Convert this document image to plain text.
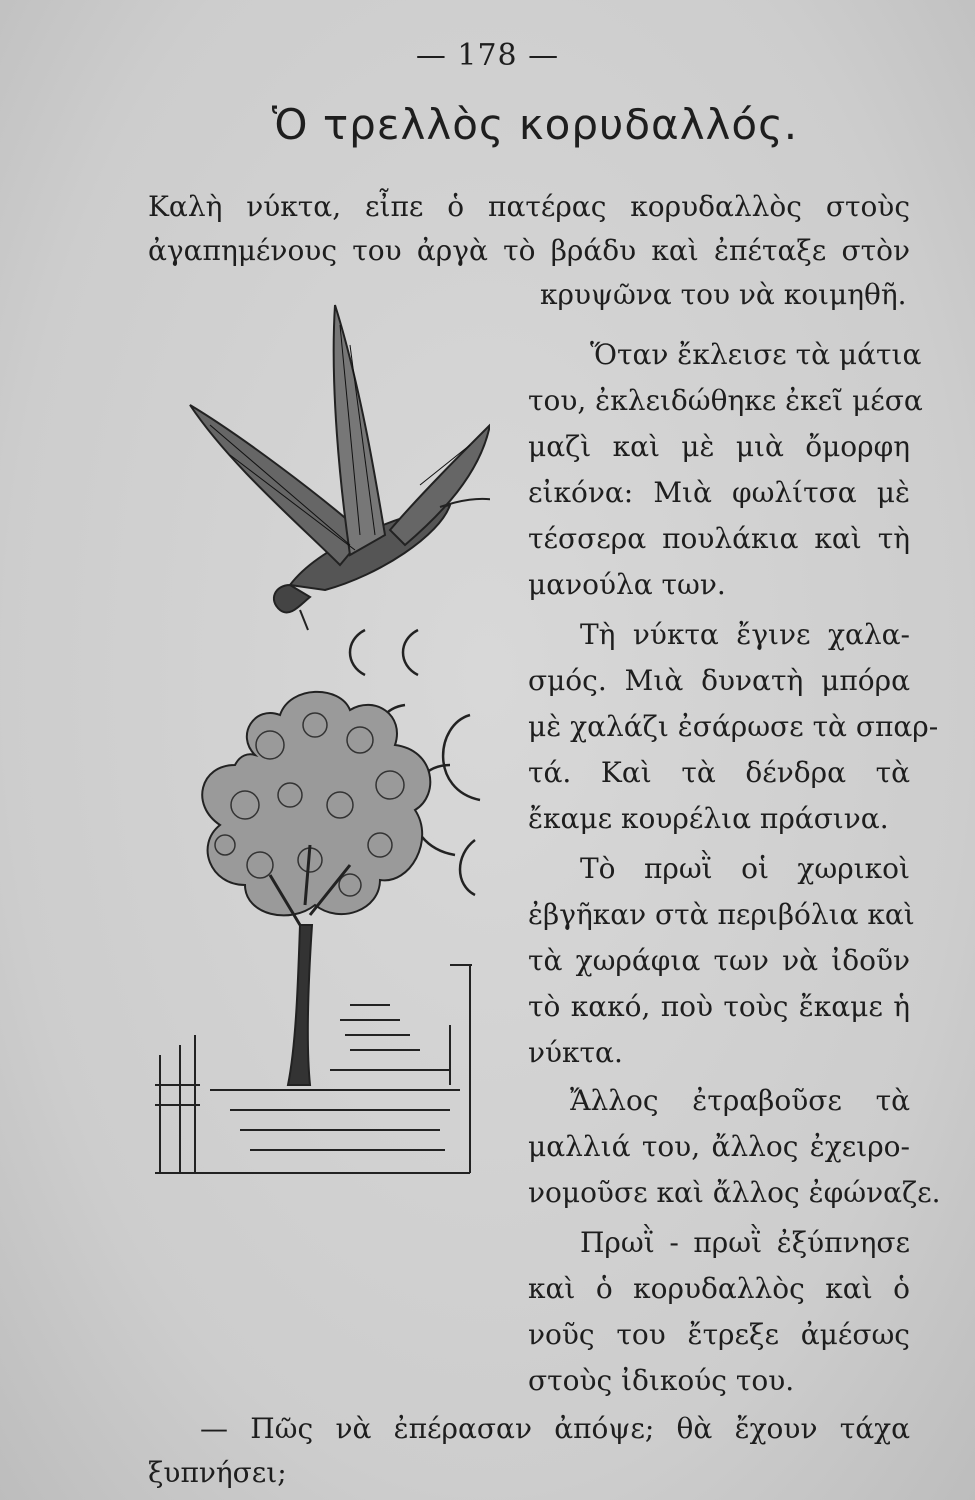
— 178 —
Ὁ τρελλὸς κορυδαλλός.
Καλὴ νύκτα, εἶπε ὁ πατέρας κορυδαλλὸς στοὺς
ἀγαπημένους του ἀργὰ τὸ βράδυ καὶ ἐπέταξε στὸν
κρυψῶνα του νὰ κοιμηθῆ.
Ὅταν ἔκλεισε τὰ μάτια
του, ἐκλειδώθηκε ἐκεῖ μέσα
μαζὶ καὶ μὲ μιὰ ὄμορφη
εἰκόνα: Μιὰ φωλίτσα μὲ
τέσσερα πουλάκια καὶ τὴ
μανούλα των.
Τὴ νύκτα ἔγινε χαλα-
σμός. Μιὰ δυνατὴ μπόρα
μὲ χαλάζι ἐσάρωσε τὰ σπαρ-
τά. Καὶ τὰ δένδρα τὰ
ἔκαμε κουρέλια πράσινα.
Τὸ πρωῒ οἱ χωρικοὶ
ἐβγῆκαν στὰ περιβόλια καὶ
τὰ χωράφια των νὰ ἰδοῦν
τὸ κακό, ποὺ τοὺς ἔκαμε ἡ
νύκτα.
Ἄλλος ἐτραβοῦσε τὰ
μαλλιά του, ἄλλος ἐχειρο-
νομοῦσε καὶ ἄλλος ἐφώναζε.
Πρωῒ - πρωῒ ἐξύπνησε
καὶ ὁ κορυδαλλὸς καὶ ὁ
νοῦς του ἔτρεξε ἀμέσως
στοὺς ἰδικούς του.
— Πῶς νὰ ἐπέρασαν ἀπόψε; θὰ ἔχουν τάχα
ξυπνήσει;
